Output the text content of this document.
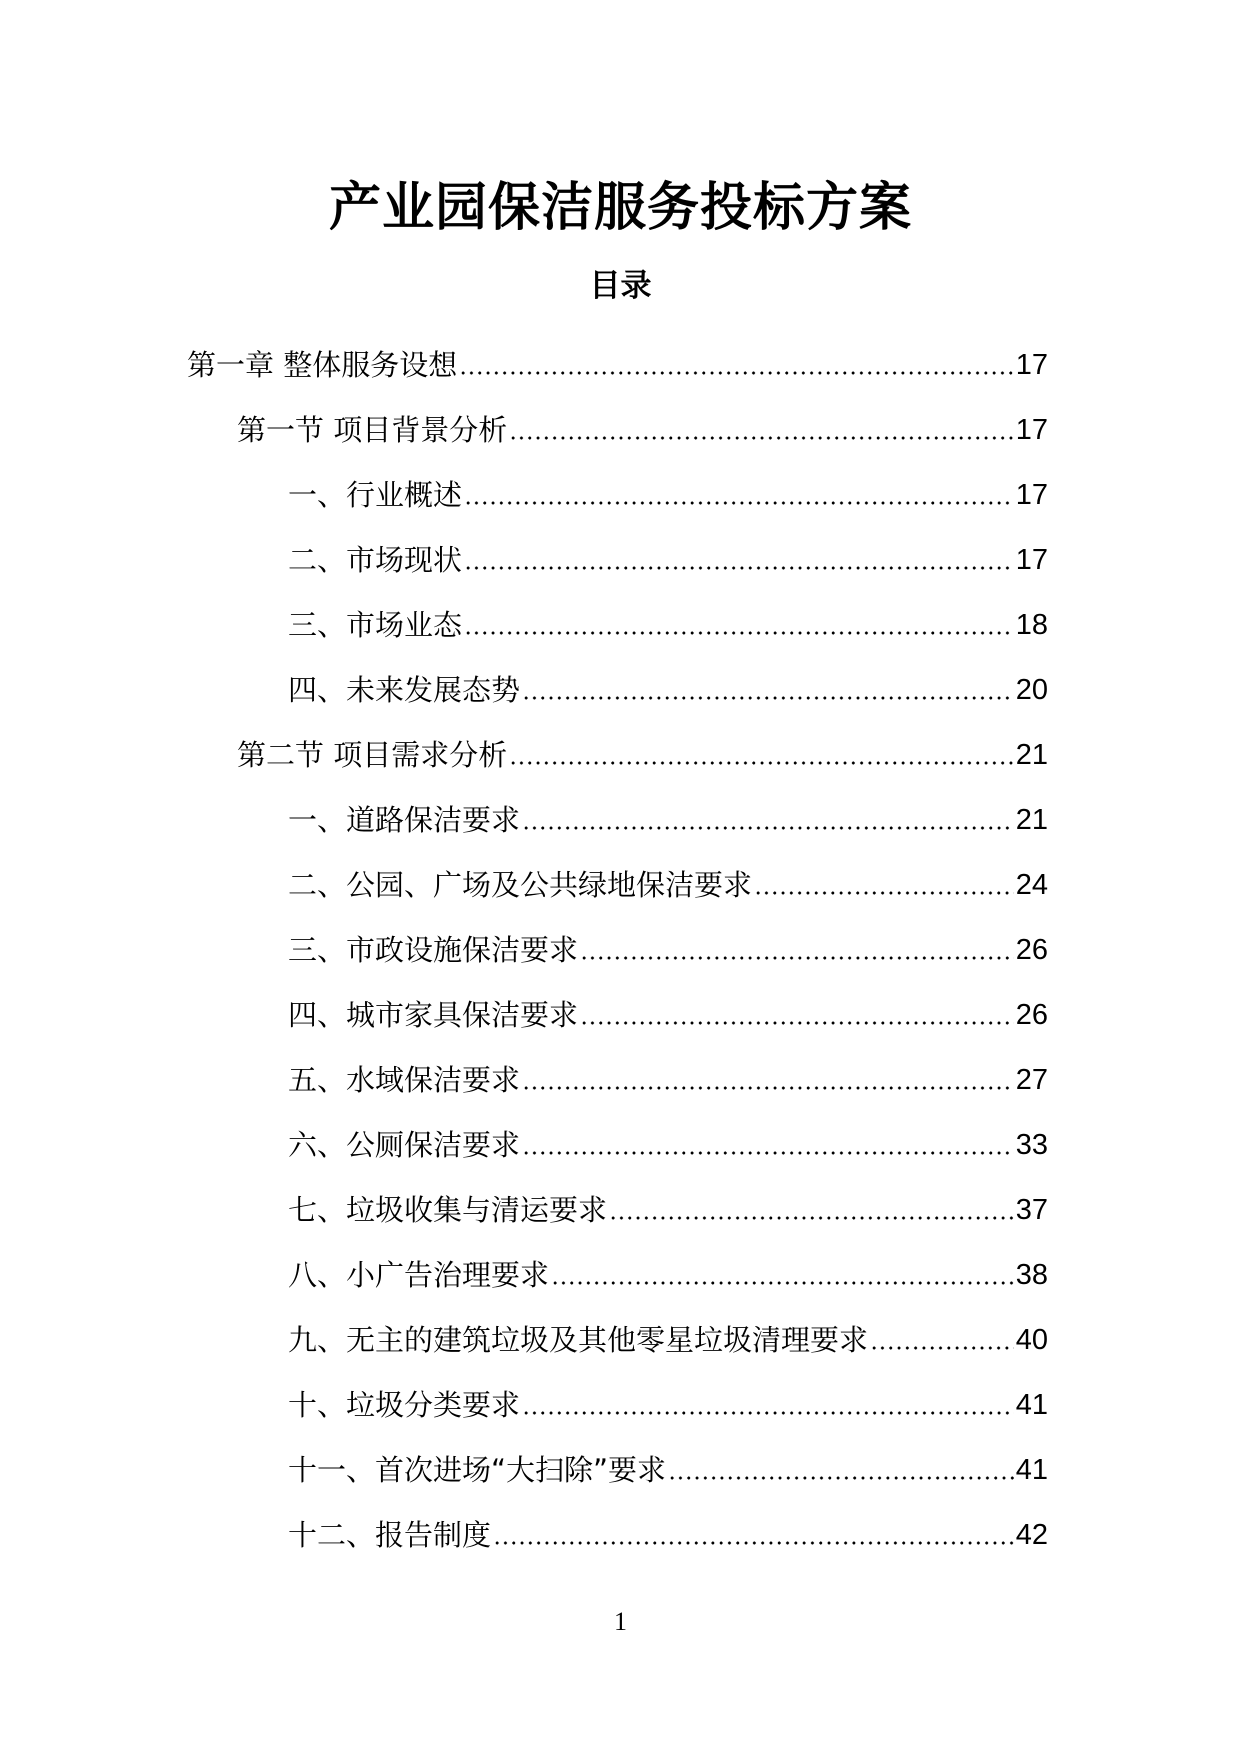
产业园保洁服务投标方案
目录
第一章 整体服务设想	17
第一节 项目背景分析	17
一、行业概述	17
二、市场现状	17
三、市场业态	18
四、未来发展态势	20
第二节 项目需求分析	21
一、道路保洁要求	21
二、公园、广场及公共绿地保洁要求	24
三、市政设施保洁要求	26
四、城市家具保洁要求	26
五、水域保洁要求	27
六、公厕保洁要求	33
七、垃圾收集与清运要求	37
八、小广告治理要求	38
九、无主的建筑垃圾及其他零星垃圾清理要求	40
十、垃圾分类要求	41
十一、首次进场“大扫除”要求	41
十二、报告制度	42
1
